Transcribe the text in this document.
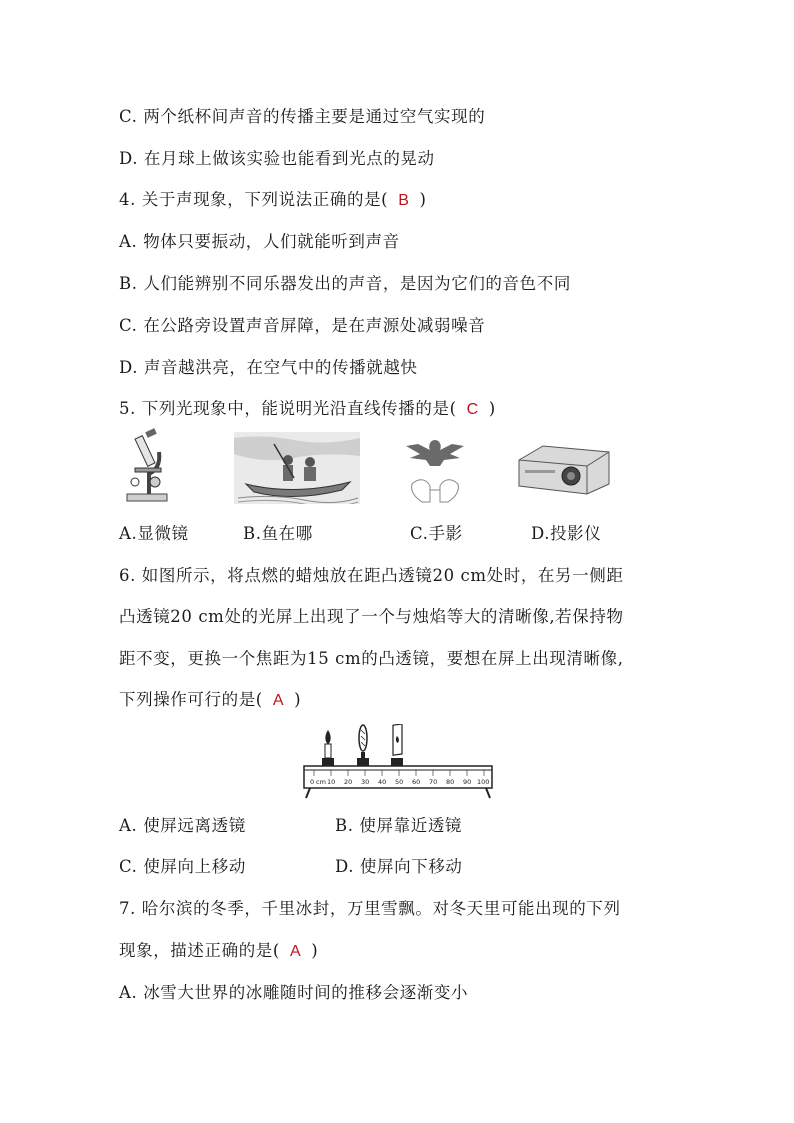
C. 两个纸杯间声音的传播主要是通过空气实现的
D. 在月球上做该实验也能看到光点的晃动
4. 关于声现象，下列说法正确的是( B )
A. 物体只要振动，人们就能听到声音
B. 人们能辨别不同乐器发出的声音，是因为它们的音色不同
C. 在公路旁设置声音屏障，是在声源处减弱噪音
D. 声音越洪亮，在空气中的传播就越快
5. 下列光现象中，能说明光沿直线传播的是( C )
A.显微镜	B.鱼在哪	C.手影	D.投影仪
6. 如图所示，将点燃的蜡烛放在距凸透镜20 cm处时，在另一侧距
凸透镜20 cm处的光屏上出现了一个与烛焰等大的清晰像,若保持物
距不变，更换一个焦距为15 cm的凸透镜，要想在屏上出现清晰像,
下列操作可行的是( A )
0 cm 10 20 30 40 50 60 70 80 90 100
A. 使屏远离透镜	B. 使屏靠近透镜
C. 使屏向上移动	D. 使屏向下移动
7. 哈尔滨的冬季，千里冰封，万里雪飘。对冬天里可能出现的下列
现象，描述正确的是( A )
A. 冰雪大世界的冰雕随时间的推移会逐渐变小
